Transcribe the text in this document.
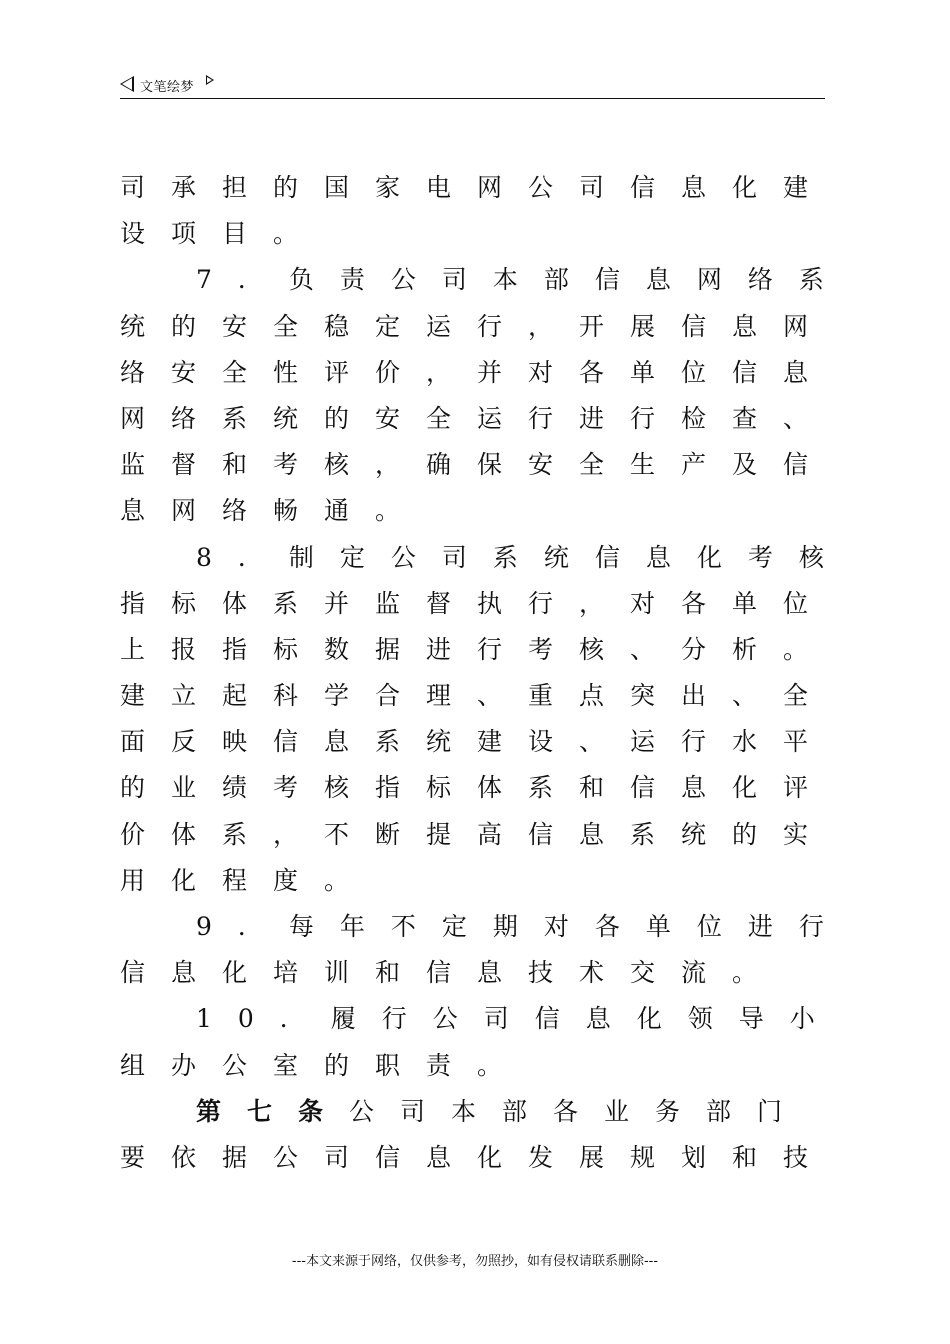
文笔绘梦
司承担的国家电网公司信息化建
设项目。
7．负责公司本部信息网络系
统的安全稳定运行，开展信息网
络安全性评价，并对各单位信息
网络系统的安全运行进行检查、
监督和考核，确保安全生产及信
息网络畅通。
8．制定公司系统信息化考核
指标体系并监督执行，对各单位
上报指标数据进行考核、分析。
建立起科学合理、重点突出、全
面反映信息系统建设、运行水平
的业绩考核指标体系和信息化评
价体系，不断提高信息系统的实
用化程度。
9．每年不定期对各单位进行
信息化培训和信息技术交流。
10．履行公司信息化领导小
组办公室的职责。
第七条公司本部各业务部门
要依据公司信息化发展规划和技
---本文来源于网络，仅供参考，勿照抄，如有侵权请联系删除---
